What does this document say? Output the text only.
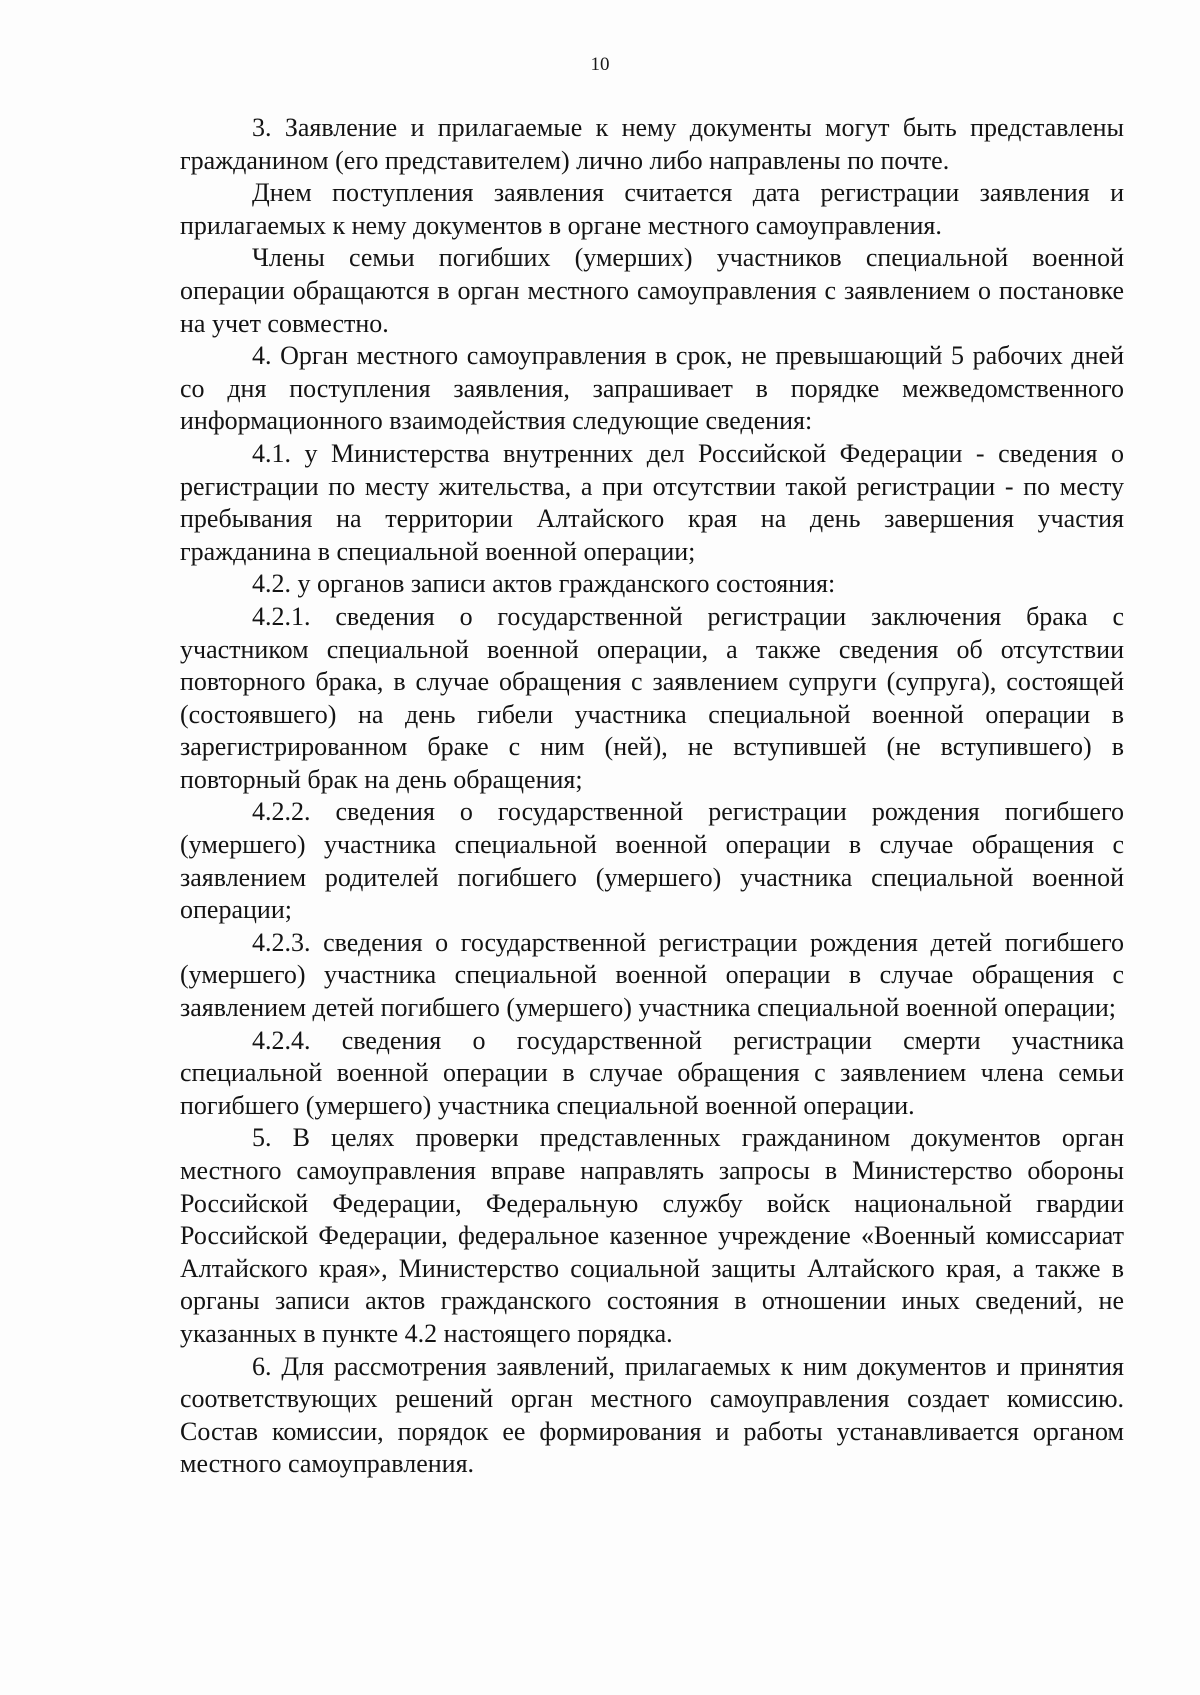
10

3. Заявление и прилагаемые к нему документы могут быть представлены гражданином (его представителем) лично либо направлены по почте.

Днем поступления заявления считается дата регистрации заявления и прилагаемых к нему документов в органе местного самоуправления.

Члены семьи погибших (умерших) участников специальной военной операции обращаются в орган местного самоуправления с заявлением о постановке на учет совместно.

4. Орган местного самоуправления в срок, не превышающий 5 рабочих дней со дня поступления заявления, запрашивает в порядке межведомственного информационного взаимодействия следующие сведения:

4.1. у Министерства внутренних дел Российской Федерации - сведения о регистрации по месту жительства, а при отсутствии такой регистрации - по месту пребывания на территории Алтайского края на день завершения участия гражданина в специальной военной операции;

4.2. у органов записи актов гражданского состояния:

4.2.1. сведения о государственной регистрации заключения брака с участником специальной военной операции, а также сведения об отсутствии повторного брака, в случае обращения с заявлением супруги (супруга), состоящей (состоявшего) на день гибели участника специальной военной операции в зарегистрированном браке с ним (ней), не вступившей (не вступившего) в повторный брак на день обращения;

4.2.2. сведения о государственной регистрации рождения погибшего (умершего) участника специальной военной операции в случае обращения с заявлением родителей погибшего (умершего) участника специальной военной операции;

4.2.3. сведения о государственной регистрации рождения детей погибшего (умершего) участника специальной военной операции в случае обращения с заявлением детей погибшего (умершего) участника специальной военной операции;

4.2.4. сведения о государственной регистрации смерти участника специальной военной операции в случае обращения с заявлением члена семьи погибшего (умершего) участника специальной военной операции.

5. В целях проверки представленных гражданином документов орган местного самоуправления вправе направлять запросы в Министерство обороны Российской Федерации, Федеральную службу войск национальной гвардии Российской Федерации, федеральное казенное учреждение «Военный комиссариат Алтайского края», Министерство социальной защиты Алтайского края, а также в органы записи актов гражданского состояния в отношении иных сведений, не указанных в пункте 4.2 настоящего порядка.

6. Для рассмотрения заявлений, прилагаемых к ним документов и принятия соответствующих решений орган местного самоуправления создает комиссию. Состав комиссии, порядок ее формирования и работы устанавливается органом местного самоуправления.
